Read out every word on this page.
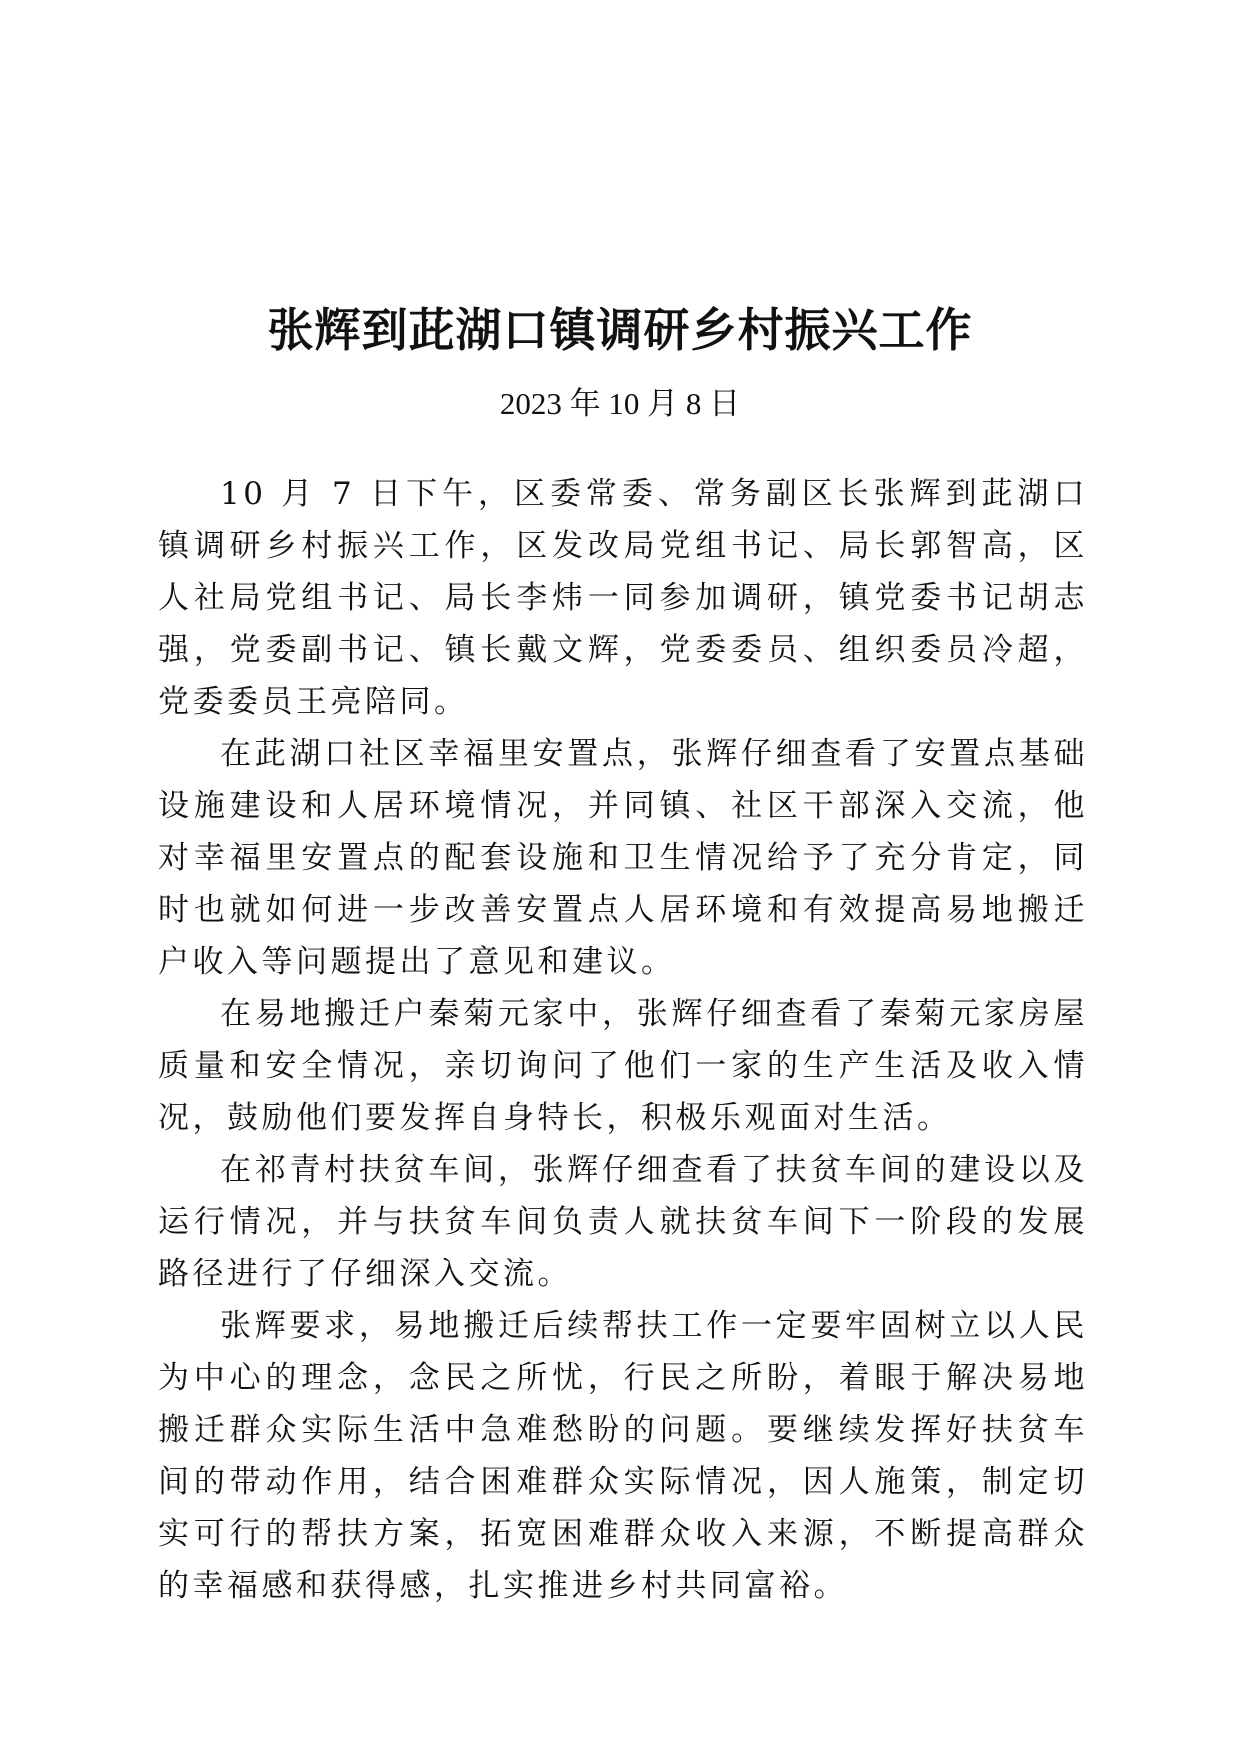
张辉到茈湖口镇调研乡村振兴工作
2023 年 10 月 8 日

10 月 7 日下午，区委常委、常务副区长张辉到茈湖口镇调研乡村振兴工作，区发改局党组书记、局长郭智高，区人社局党组书记、局长李炜一同参加调研，镇党委书记胡志强，党委副书记、镇长戴文辉，党委委员、组织委员冷超，党委委员王亮陪同。

在茈湖口社区幸福里安置点，张辉仔细查看了安置点基础设施建设和人居环境情况，并同镇、社区干部深入交流，他对幸福里安置点的配套设施和卫生情况给予了充分肯定，同时也就如何进一步改善安置点人居环境和有效提高易地搬迁户收入等问题提出了意见和建议。

在易地搬迁户秦菊元家中，张辉仔细查看了秦菊元家房屋质量和安全情况，亲切询问了他们一家的生产生活及收入情况，鼓励他们要发挥自身特长，积极乐观面对生活。

在祁青村扶贫车间，张辉仔细查看了扶贫车间的建设以及运行情况，并与扶贫车间负责人就扶贫车间下一阶段的发展路径进行了仔细深入交流。

张辉要求，易地搬迁后续帮扶工作一定要牢固树立以人民为中心的理念，念民之所忧，行民之所盼，着眼于解决易地搬迁群众实际生活中急难愁盼的问题。要继续发挥好扶贫车间的带动作用，结合困难群众实际情况，因人施策，制定切实可行的帮扶方案，拓宽困难群众收入来源，不断提高群众的幸福感和获得感，扎实推进乡村共同富裕。
